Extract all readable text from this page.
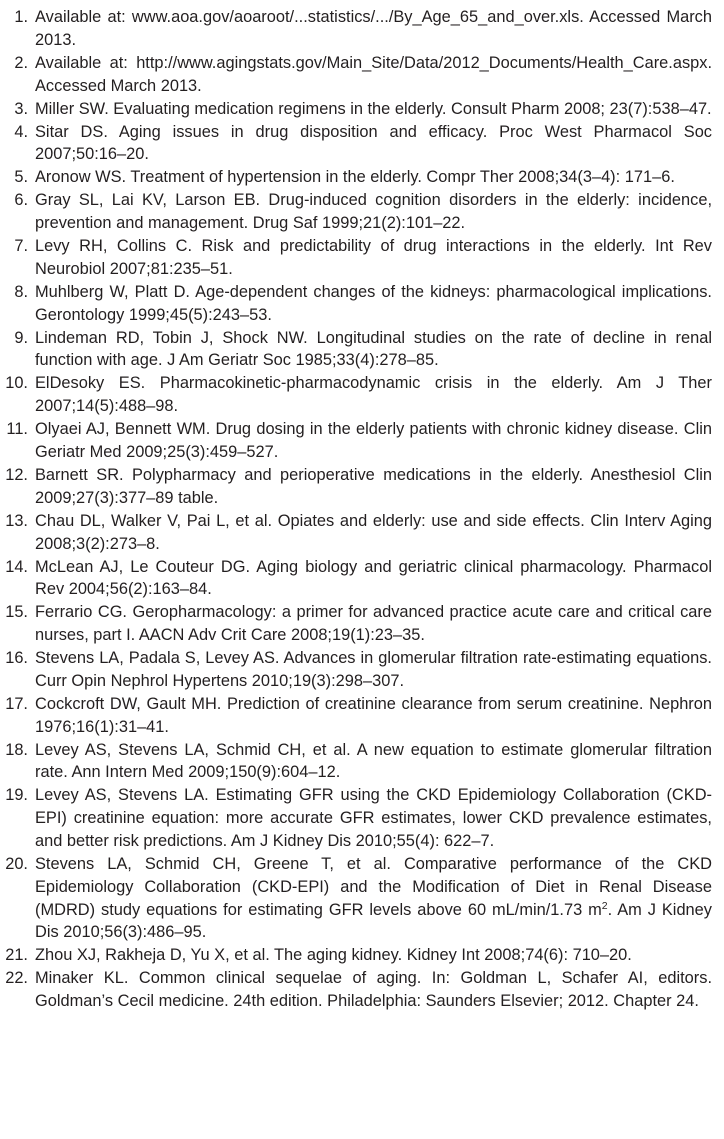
1. Available at: www.aoa.gov/aoaroot/...statistics/.../By_Age_65_and_over.xls. Accessed March 2013.
2. Available at: http://www.agingstats.gov/Main_Site/Data/2012_Documents/Health_​Care.aspx. Accessed March 2013.
3. Miller SW. Evaluating medication regimens in the elderly. Consult Pharm 2008; 23(7):538–47.
4. Sitar DS. Aging issues in drug disposition and efficacy. Proc West Pharmacol Soc 2007;50:16–20.
5. Aronow WS. Treatment of hypertension in the elderly. Compr Ther 2008;34(3–4): 171–6.
6. Gray SL, Lai KV, Larson EB. Drug-induced cognition disorders in the elderly: incidence, prevention and management. Drug Saf 1999;21(2):101–22.
7. Levy RH, Collins C. Risk and predictability of drug interactions in the elderly. Int Rev Neurobiol 2007;81:235–51.
8. Muhlberg W, Platt D. Age-dependent changes of the kidneys: pharmacological implications. Gerontology 1999;45(5):243–53.
9. Lindeman RD, Tobin J, Shock NW. Longitudinal studies on the rate of decline in renal function with age. J Am Geriatr Soc 1985;33(4):278–85.
10. ElDesoky ES. Pharmacokinetic-pharmacodynamic crisis in the elderly. Am J Ther 2007;14(5):488–98.
11. Olyaei AJ, Bennett WM. Drug dosing in the elderly patients with chronic kidney disease. Clin Geriatr Med 2009;25(3):459–527.
12. Barnett SR. Polypharmacy and perioperative medications in the elderly. Anesthesiol Clin 2009;27(3):377–89 table.
13. Chau DL, Walker V, Pai L, et al. Opiates and elderly: use and side effects. Clin Interv Aging 2008;3(2):273–8.
14. McLean AJ, Le Couteur DG. Aging biology and geriatric clinical pharmacology. Pharmacol Rev 2004;56(2):163–84.
15. Ferrario CG. Geropharmacology: a primer for advanced practice acute care and critical care nurses, part I. AACN Adv Crit Care 2008;19(1):23–35.
16. Stevens LA, Padala S, Levey AS. Advances in glomerular filtration rate-estimating equations. Curr Opin Nephrol Hypertens 2010;19(3):298–307.
17. Cockcroft DW, Gault MH. Prediction of creatinine clearance from serum creatinine. Nephron 1976;16(1):31–41.
18. Levey AS, Stevens LA, Schmid CH, et al. A new equation to estimate glomerular filtration rate. Ann Intern Med 2009;150(9):604–12.
19. Levey AS, Stevens LA. Estimating GFR using the CKD Epidemiology Collaboration (CKD-EPI) creatinine equation: more accurate GFR estimates, lower CKD prevalence estimates, and better risk predictions. Am J Kidney Dis 2010;55(4): 622–7.
20. Stevens LA, Schmid CH, Greene T, et al. Comparative performance of the CKD Epidemiology Collaboration (CKD-EPI) and the Modification of Diet in Renal Disease (MDRD) study equations for estimating GFR levels above 60 mL/min/​1.73 $m^2$. Am J Kidney Dis 2010;56(3):486–95.
21. Zhou XJ, Rakheja D, Yu X, et al. The aging kidney. Kidney Int 2008;74(6): 710–20.
22. Minaker KL. Common clinical sequelae of aging. In: Goldman L, Schafer AI, editors. Goldman’s Cecil medicine. 24th edition. Philadelphia: Saunders Elsevier; 2012. Chapter 24.
